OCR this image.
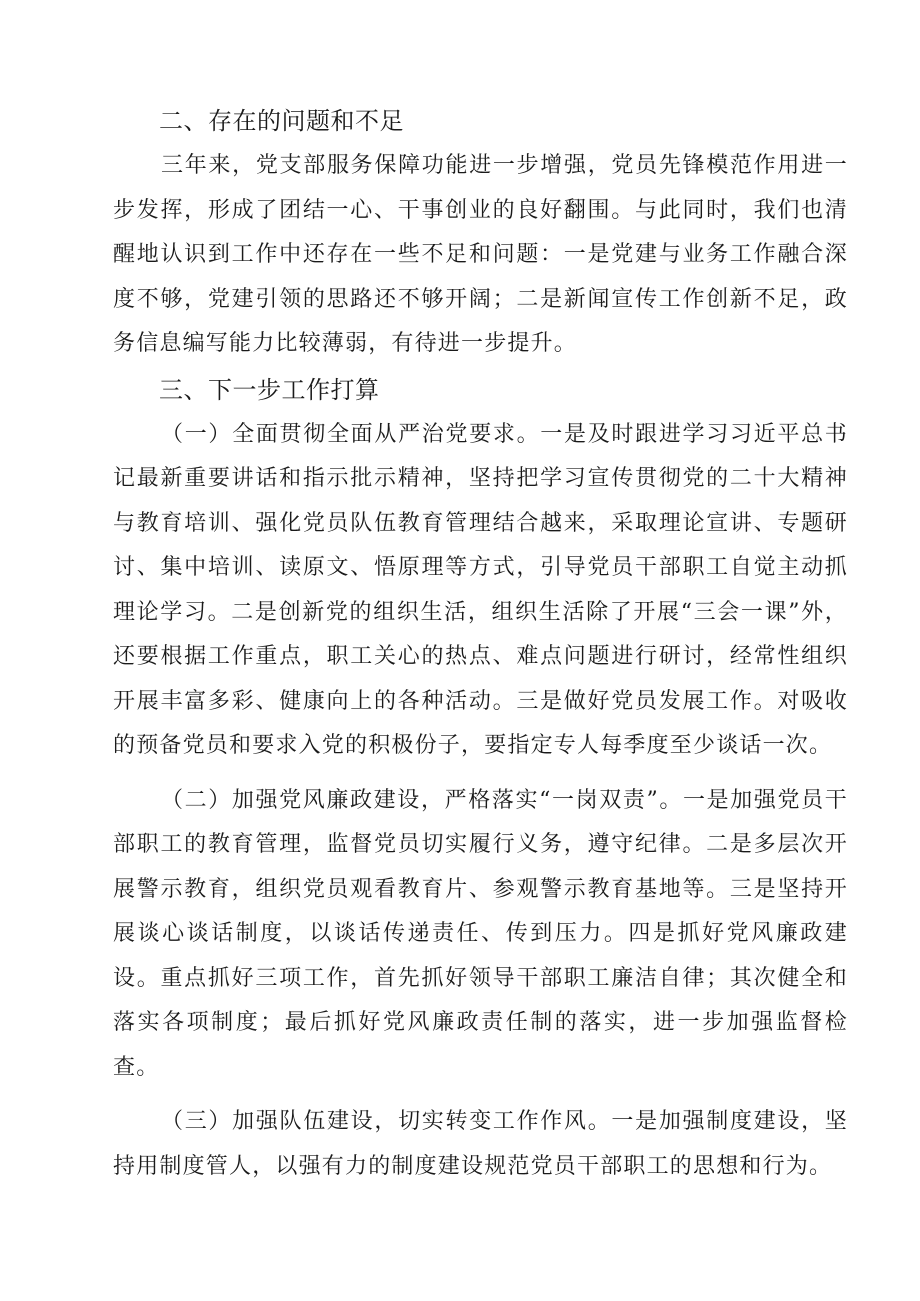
二、存在的问题和不足

三年来，党支部服务保障功能进一步增强，党员先锋模范作用进一步发挥，形成了团结一心、干事创业的良好翻围。与此同时，我们也清醒地认识到工作中还存在一些不足和问题：一是党建与业务工作融合深度不够，党建引领的思路还不够开阔；二是新闻宣传工作创新不足，政务信息编写能力比较薄弱，有待进一步提升。

三、下一步工作打算

（一）全面贯彻全面从严治党要求。一是及时跟进学习习近平总书记最新重要讲话和指示批示精神，坚持把学习宣传贯彻党的二十大精神与教育培训、强化党员队伍教育管理结合越来，采取理论宣讲、专题研讨、集中培训、读原文、悟原理等方式，引导党员干部职工自觉主动抓理论学习。二是创新党的组织生活，组织生活除了开展“三会一课”外，还要根据工作重点，职工关心的热点、难点问题进行研讨，经常性组织开展丰富多彩、健康向上的各种活动。三是做好党员发展工作。对吸收的预备党员和要求入党的积极份子，要指定专人每季度至少谈话一次。

（二）加强党风廉政建设，严格落实“一岗双责”。一是加强党员干部职工的教育管理，监督党员切实履行义务，遵守纪律。二是多层次开展警示教育，组织党员观看教育片、参观警示教育基地等。三是坚持开展谈心谈话制度，以谈话传递责任、传到压力。四是抓好党风廉政建设。重点抓好三项工作，首先抓好领导干部职工廉洁自律；其次健全和落实各项制度；最后抓好党风廉政责任制的落实，进一步加强监督检查。

（三）加强队伍建设，切实转变工作作风。一是加强制度建设，坚持用制度管人，以强有力的制度建设规范党员干部职工的思想和行为。
